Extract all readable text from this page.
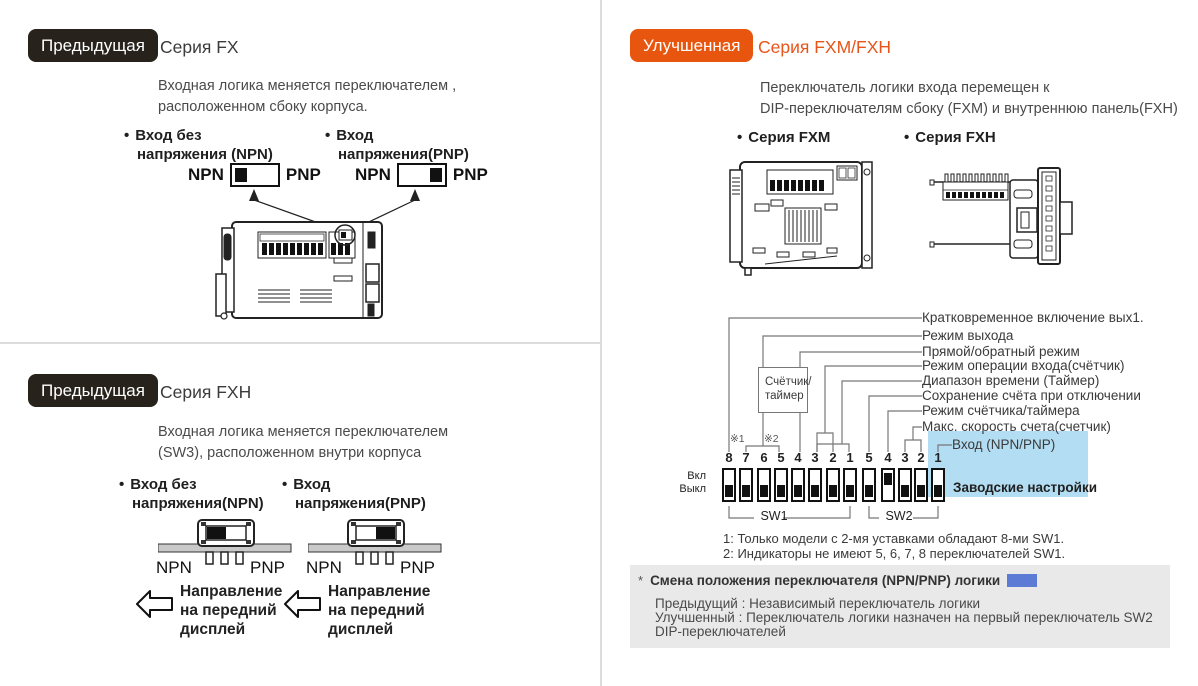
Предыдущая Серия FX
Входная логика меняется переключателем ,
расположенном сбоку корпуса.
• Вход без
напряжения (NPN)
• Вход
напряжения(PNP)
NPN	PNP NPN	PNP
Предыдущая Серия FXH
Входная логика меняется переключателем
(SW3), расположенном внутри корпуса
• Вход без
напряжения(NPN)
• Вход
напряжения(PNP)
NPN	PNP NPN	PNP
Направление
на передний
дисплей
Направление
на передний
дисплей
Улучшенная	Серия FXM/FXH
Переключатель логики входа перемещен к
DIP-переключателям сбоку (FXM) и внутреннюю панель(FXH)
• Серия FXM	• Серия FXH
Счётчик/
таймер
※1 ※2
Вкл
Выкл
SW1	SW2
Заводские настройки
1: Только модели с 2-мя уставками обладают 8-ми SW1.
2: Индикаторы не имеют 5, 6, 7, 8 переключателей SW1.
* Смена положения переключателя (NPN/PNP) логики
Предыдущий : Независимый переключатель логики
Улучшенный : Переключатель логики назначен на первый переключатель SW2
DIP-переключателей
8 7 6 5 4 3 2 1 5 4 3 2 1
Кратковременное включение вых1.
Режим выхода
Прямой/обратный режим
Режим операции входа(счётчик)
Диапазон времени (Таймер)
Сохранение счёта при отключении
Режим счётчика/таймера
Макс. скорость счета(счетчик)
Вход (NPN/PNP)
